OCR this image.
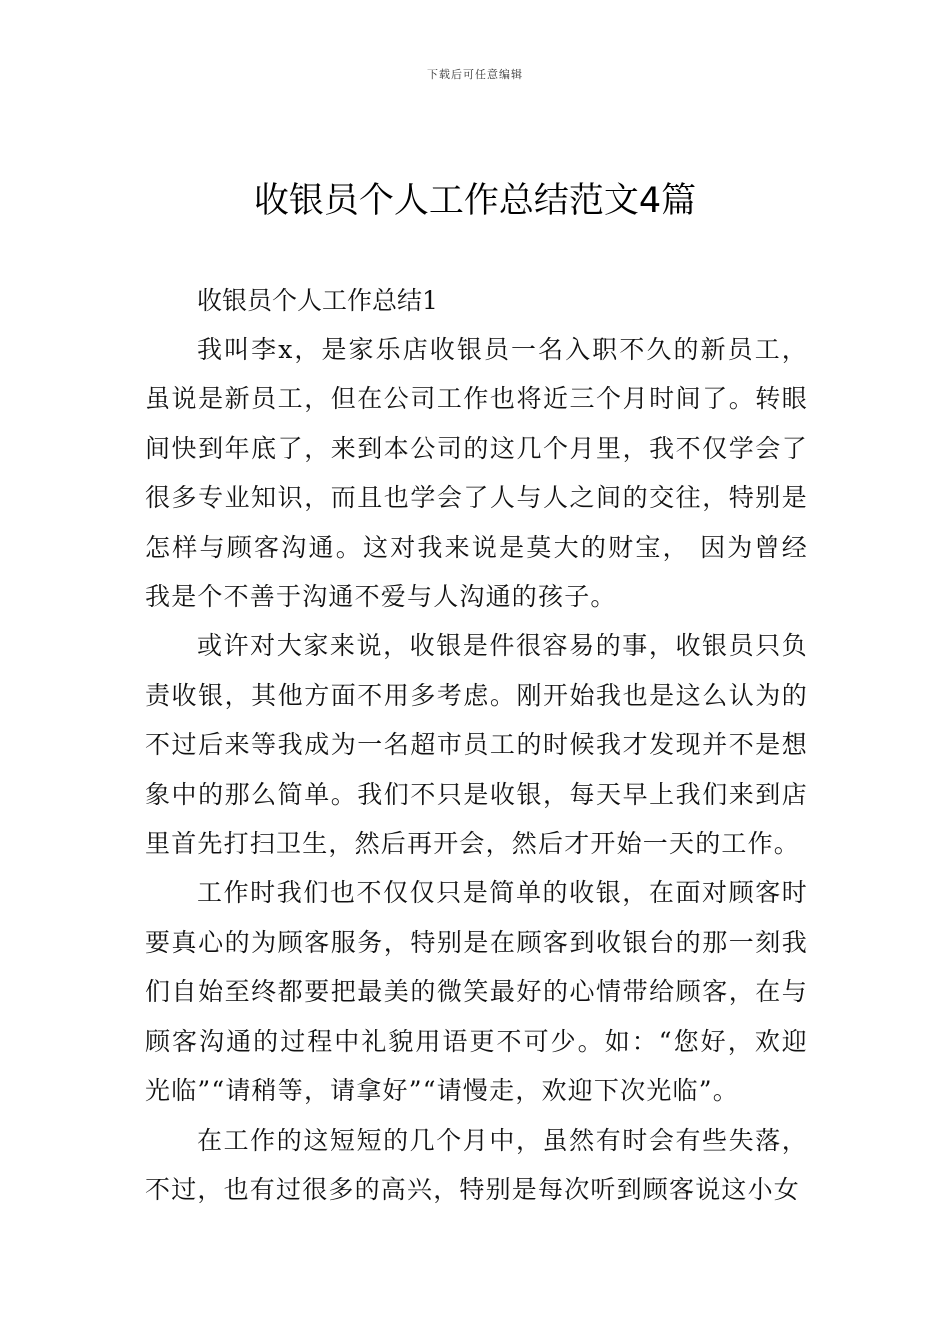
下载后可任意编辑
收银员个人工作总结范文4篇

收银员个人工作总结1

我叫李x，是家乐店收银员一名入职不久的新员工，虽说是新员工，但在公司工作也将近三个月时间了。转眼间快到年底了，来到本公司的这几个月里，我不仅学会了很多专业知识，而且也学会了人与人之间的交往，特别是怎样与顾客沟通。这对我来说是莫大的财宝， 因为曾经我是个不善于沟通不爱与人沟通的孩子。

或许对大家来说，收银是件很容易的事，收银员只负责收银，其他方面不用多考虑。刚开始我也是这么认为的不过后来等我成为一名超市员工的时候我才发现并不是想象中的那么简单。我们不只是收银，每天早上我们来到店里首先打扫卫生，然后再开会，然后才开始一天的工作。

工作时我们也不仅仅只是简单的收银，在面对顾客时要真心的为顾客服务，特别是在顾客到收银台的那一刻我们自始至终都要把最美的微笑最好的心情带给顾客，在与顾客沟通的过程中礼貌用语更不可少。如：“您好，欢迎光临”“请稍等，请拿好”“请慢走，欢迎下次光临”。

在工作的这短短的几个月中，虽然有时会有些失落，不过，也有过很多的高兴，特别是每次听到顾客说这小女
